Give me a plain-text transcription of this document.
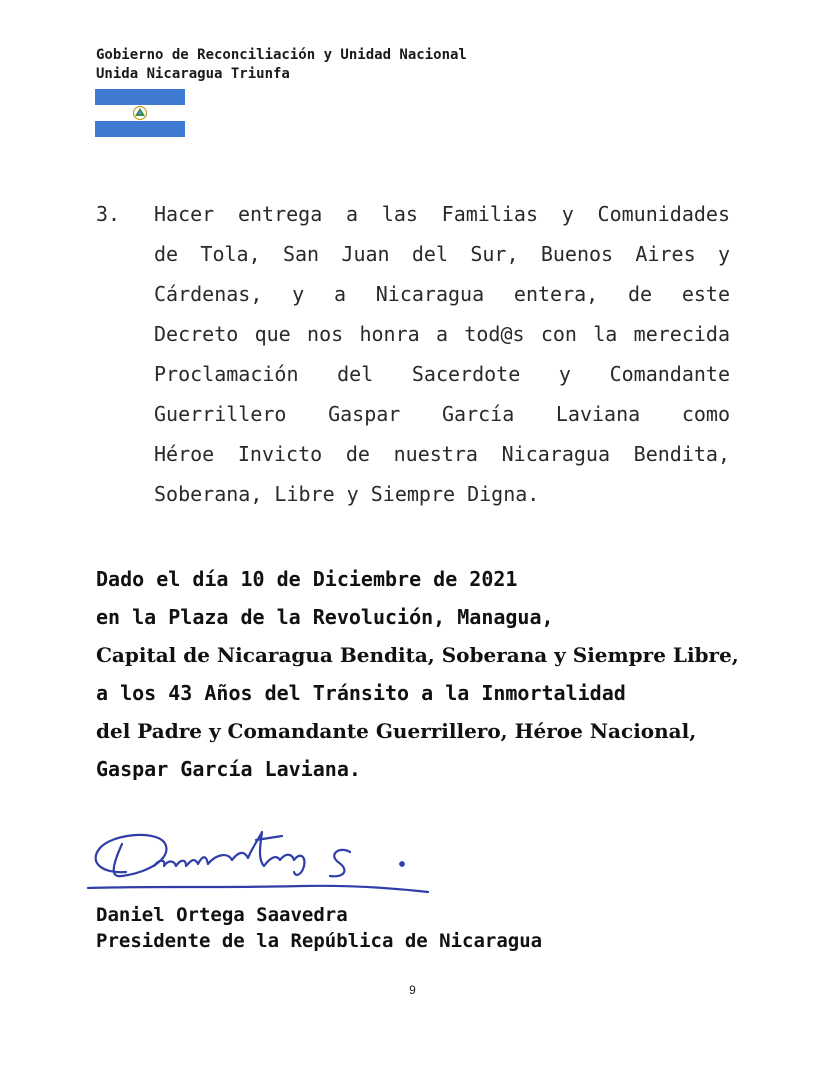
Gobierno de Reconciliación y Unidad Nacional
Unida Nicaragua Triunfa
3. Hacer entrega a las Familias y Comunidades
de Tola, San Juan del Sur, Buenos Aires y
Cárdenas, y a Nicaragua entera, de este
Decreto que nos honra a tod@s con la merecida
Proclamación del Sacerdote y Comandante
Guerrillero Gaspar García Laviana como
Héroe Invicto de nuestra Nicaragua Bendita,
Soberana, Libre y Siempre Digna.
Dado el día 10 de Diciembre de 2021
en la Plaza de la Revolución, Managua,
Capital de Nicaragua Bendita, Soberana y Siempre Libre,
a los 43 Años del Tránsito a la Inmortalidad
del Padre y Comandante Guerrillero, Héroe Nacional,
Gaspar García Laviana.
Daniel Ortega Saavedra
Presidente de la República de Nicaragua
9
